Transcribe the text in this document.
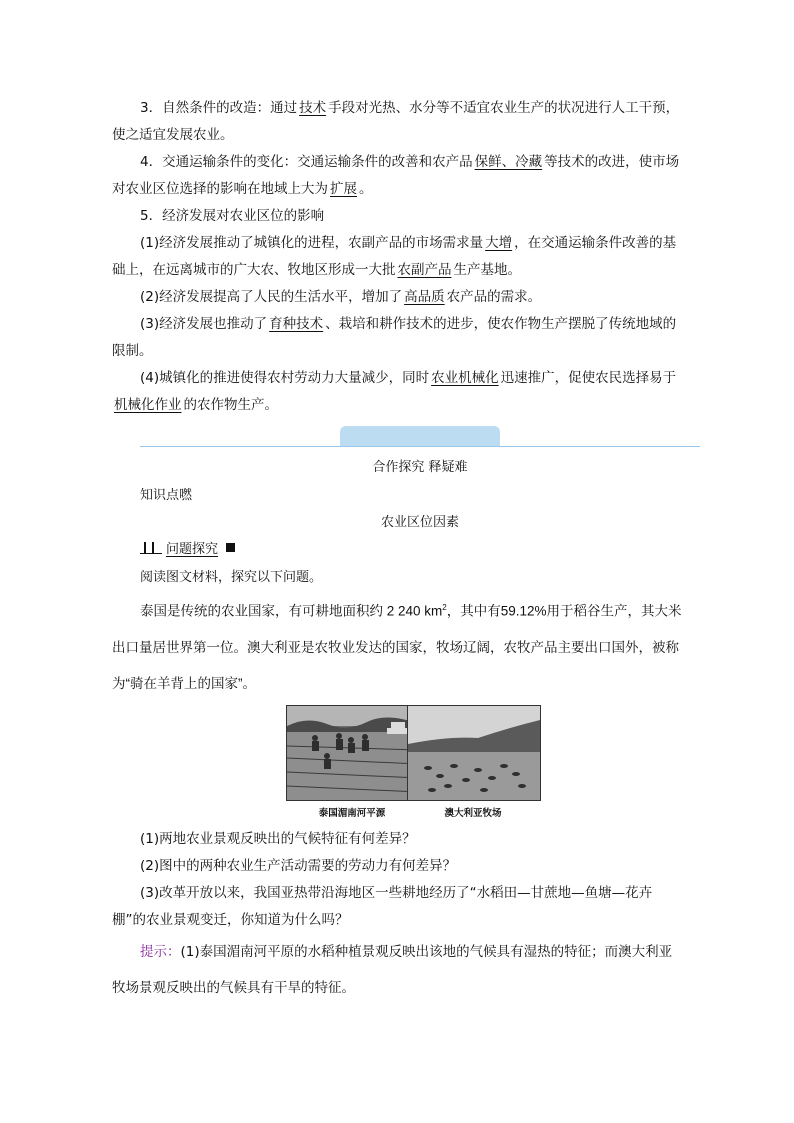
3．自然条件的改造：通过 技术 手段对光热、水分等不适宜农业生产的状况进行人工干预，使之适宜发展农业。

4．交通运输条件的变化：交通运输条件的改善和农产品 保鲜、冷藏 等技术的改进，使市场对农业区位选择的影响在地域上大为 扩展 。

5．经济发展对农业区位的影响

(1)经济发展推动了城镇化的进程，农副产品的市场需求量 大增 ，在交通运输条件改善的基础上，在远离城市的广大农、牧地区形成一大批 农副产品 生产基地。

(2)经济发展提高了人民的生活水平，增加了 高品质 农产品的需求。

(3)经济发展也推动了 育种技术 、栽培和耕作技术的进步，使农作物生产摆脱了传统地域的限制。

(4)城镇化的推进使得农村劳动力大量减少，同时 农业机械化 迅速推广，促使农民选择易于机械化作业 的农作物生产。

合作探究 释疑难
知识点嘫
农业区位因素
问题探究
阅读图文材料，探究以下问题。

泰国是传统的农业国家，有可耕地面积约 2 240 $km^2$，其中有59.12%用于稻谷生产，其大米出口量居世界第一位。澳大利亚是农牧业发达的国家，牧场辽阔，农牧产品主要出口国外，被称为“骑在羊背上的国家”。

泰国湄南河平源	澳大利亚牧场

(1)两地农业景观反映出的气候特征有何差异？

(2)图中的两种农业生产活动需要的劳动力有何差异？

(3)改革开放以来，我国亚热带沿海地区一些耕地经历了“水稻田—甘蔗地—鱼塘—花卉棚”的农业景观变迁，你知道为什么吗？

提示：(1)泰国湄南河平原的水稻种植景观反映出该地的气候具有湿热的特征；而澳大利亚牧场景观反映出的气候具有干旱的特征。
